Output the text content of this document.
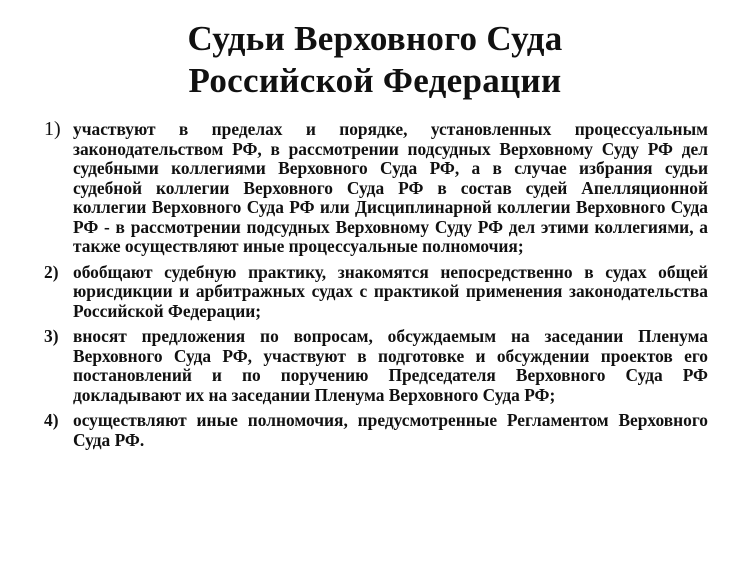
Судьи Верховного Суда
Российской Федерации
1) участвуют в пределах и порядке, установленных процессуальным законодательством РФ, в рассмотрении подсудных Верховному Суду РФ дел судебными коллегиями Верховного Суда РФ, а в случае избрания судьи судебной коллегии Верховного Суда РФ в состав судей Апелляционной коллегии Верховного Суда РФ или Дисциплинарной коллегии Верховного Суда РФ - в рассмотрении подсудных Верховному Суду РФ дел этими коллегиями, а также осуществляют иные процессуальные полномочия;
2) обобщают судебную практику, знакомятся непосредственно в судах общей юрисдикции и арбитражных судах с практикой применения законодательства Российской Федерации;
3) вносят предложения по вопросам, обсуждаемым на заседании Пленума Верховного Суда РФ, участвуют в подготовке и обсуждении проектов его постановлений и по поручению Председателя Верховного Суда РФ докладывают их на заседании Пленума Верховного Суда РФ;
4) осуществляют иные полномочия, предусмотренные Регламентом Верховного Суда РФ.
